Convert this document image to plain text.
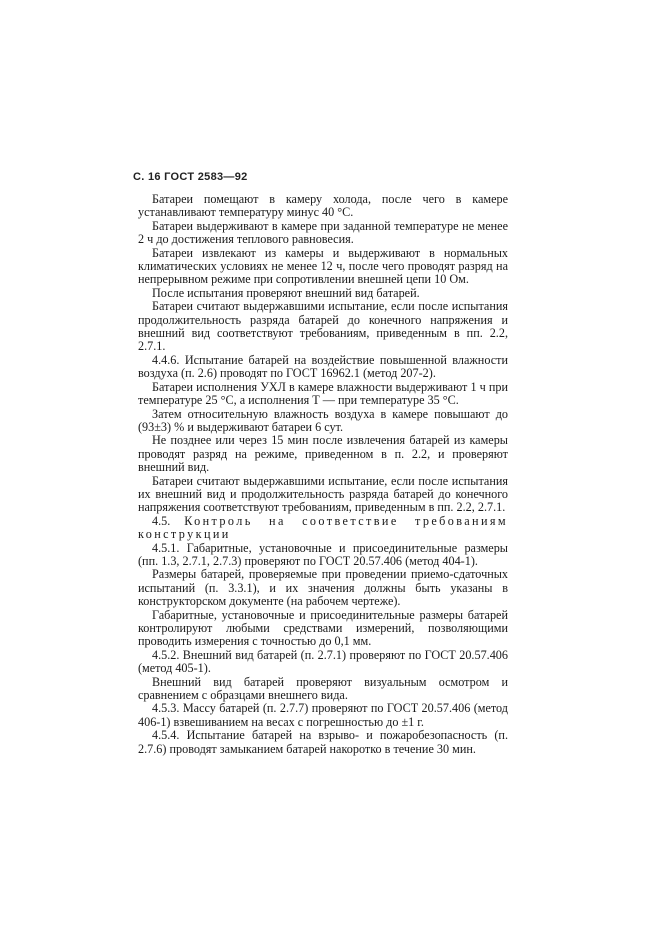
С. 16 ГОСТ 2583—92

Батареи помещают в камеру холода, после чего в камере устанавливают температуру минус 40 °С.

Батареи выдерживают в камере при заданной температуре не менее 2 ч до достижения теплового равновесия.

Батареи извлекают из камеры и выдерживают в нормальных климатических условиях не менее 12 ч, после чего проводят разряд на непрерывном режиме при сопротивлении внешней цепи 10 Ом.

После испытания проверяют внешний вид батарей.

Батареи считают выдержавшими испытание, если после испытания продолжительность разряда батарей до конечного напряжения и внешний вид соответствуют требованиям, приведенным в пп. 2.2, 2.7.1.

4.4.6. Испытание батарей на воздействие повышенной влажности воздуха (п. 2.6) проводят по ГОСТ 16962.1 (метод 207-2).

Батареи исполнения УХЛ в камере влажности выдерживают 1 ч при температуре 25 °С, а исполнения Т — при температуре 35 °С.

Затем относительную влажность воздуха в камере повышают до (93±3) % и выдерживают батареи 6 сут.

Не позднее или через 15 мин после извлечения батарей из камеры проводят разряд на режиме, приведенном в п. 2.2, и проверяют внешний вид.

Батареи считают выдержавшими испытание, если после испытания их внешний вид и продолжительность разряда батарей до конечного напряжения соответствуют требованиям, приведенным в пп. 2.2, 2.7.1.

4.5. Контроль на соответствие требованиям конструкции

4.5.1. Габаритные, установочные и присоединительные размеры (пп. 1.3, 2.7.1, 2.7.3) проверяют по ГОСТ 20.57.406 (метод 404-1).

Размеры батарей, проверяемые при проведении приемо-сдаточных испытаний (п. 3.3.1), и их значения должны быть указаны в конструкторском документе (на рабочем чертеже).

Габаритные, установочные и присоединительные размеры батарей контролируют любыми средствами измерений, позволяющими проводить измерения с точностью до 0,1 мм.

4.5.2. Внешний вид батарей (п. 2.7.1) проверяют по ГОСТ 20.57.406 (метод 405-1).

Внешний вид батарей проверяют визуальным осмотром и сравнением с образцами внешнего вида.

4.5.3. Массу батарей (п. 2.7.7) проверяют по ГОСТ 20.57.406 (метод 406-1) взвешиванием на весах с погрешностью до ±1 г.

4.5.4. Испытание батарей на взрыво- и пожаробезопасность (п. 2.7.6) проводят замыканием батарей накоротко в течение 30 мин.
